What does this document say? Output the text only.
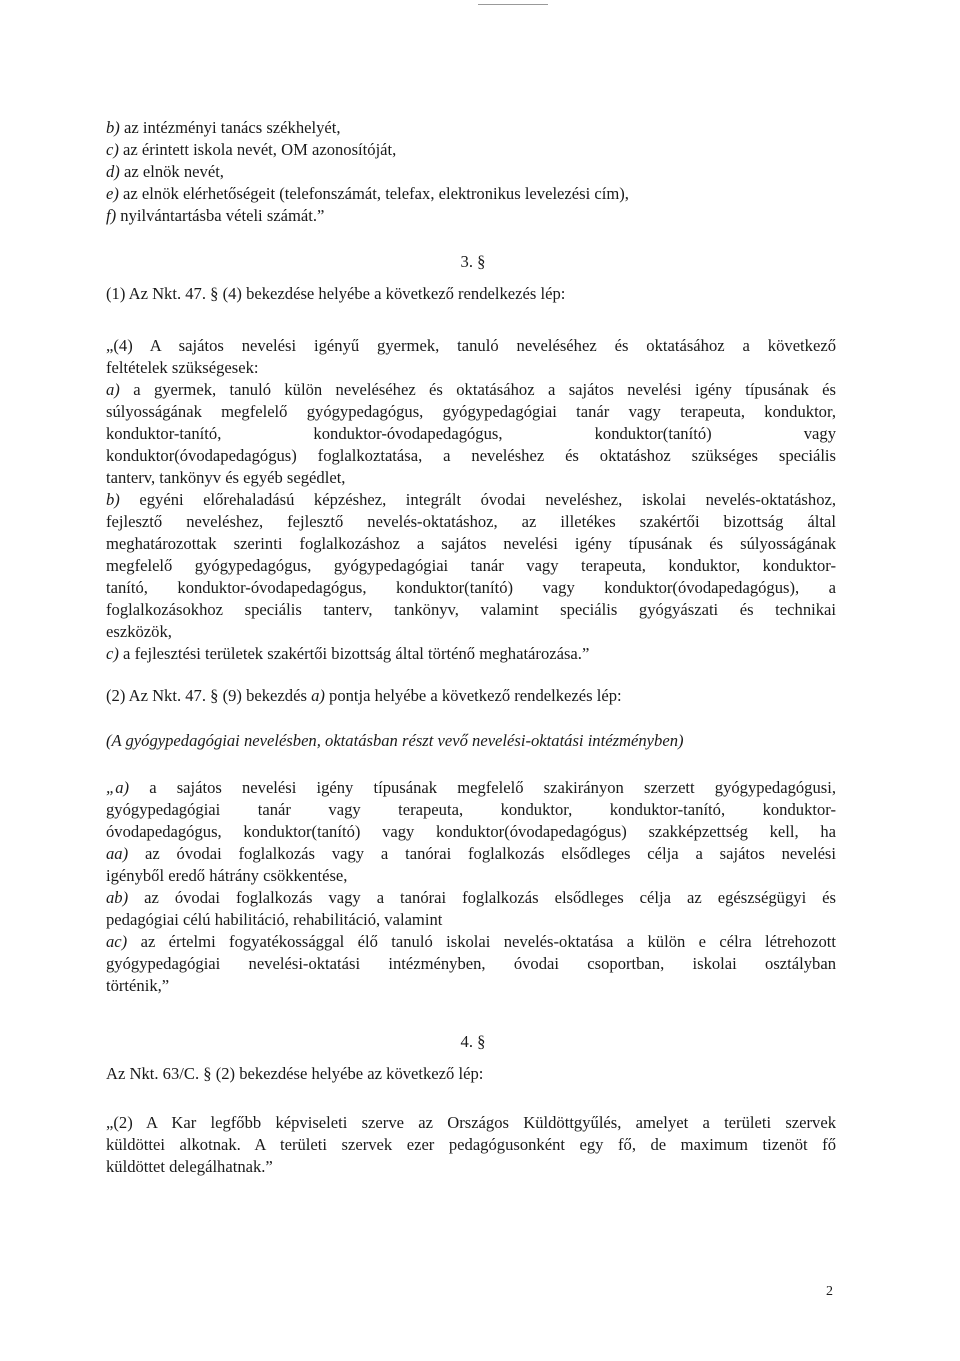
b) az intézményi tanács székhelyét,
c) az érintett iskola nevét, OM azonosítóját,
d) az elnök nevét,
e) az elnök elérhetőségeit (telefonszámát, telefax, elektronikus levelezési cím),
f) nyilvántartásba vételi számát.”
3. §
(1) Az Nkt. 47. § (4) bekezdése helyébe a következő rendelkezés lép:
„(4) A sajátos nevelési igényű gyermek, tanuló neveléséhez és oktatásához a következő
feltételek szükségesek:
a) a gyermek, tanuló külön neveléséhez és oktatásához a sajátos nevelési igény típusának és
súlyosságának megfelelő gyógypedagógus, gyógypedagógiai tanár vagy terapeuta, konduktor,
konduktor-tanító, konduktor-óvodapedagógus, konduktor(tanító) vagy
konduktor(óvodapedagógus) foglalkoztatása, a neveléshez és oktatáshoz szükséges speciális
tanterv, tankönyv és egyéb segédlet,
b) egyéni előrehaladású képzéshez, integrált óvodai neveléshez, iskolai nevelés-oktatáshoz,
fejlesztő neveléshez, fejlesztő nevelés-oktatáshoz, az illetékes szakértői bizottság által
meghatározottak szerinti foglalkozáshoz a sajátos nevelési igény típusának és súlyosságának
megfelelő gyógypedagógus, gyógypedagógiai tanár vagy terapeuta, konduktor, konduktor-
tanító, konduktor-óvodapedagógus, konduktor(tanító) vagy konduktor(óvodapedagógus), a
foglalkozásokhoz speciális tanterv, tankönyv, valamint speciális gyógyászati és technikai
eszközök,
c) a fejlesztési területek szakértői bizottság által történő meghatározása.”
(2) Az Nkt. 47. § (9) bekezdés a) pontja helyébe a következő rendelkezés lép:
(A gyógypedagógiai nevelésben, oktatásban részt vevő nevelési-oktatási intézményben)
„a) a sajátos nevelési igény típusának megfelelő szakirányon szerzett gyógypedagógusi,
gyógypedagógiai tanár vagy terapeuta, konduktor, konduktor-tanító, konduktor-
óvodapedagógus, konduktor(tanító) vagy konduktor(óvodapedagógus) szakképzettség kell, ha
aa) az óvodai foglalkozás vagy a tanórai foglalkozás elsődleges célja a sajátos nevelési
igényből eredő hátrány csökkentése,
ab) az óvodai foglalkozás vagy a tanórai foglalkozás elsődleges célja az egészségügyi és
pedagógiai célú habilitáció, rehabilitáció, valamint
ac) az értelmi fogyatékossággal élő tanuló iskolai nevelés-oktatása a külön e célra létrehozott
gyógypedagógiai nevelési-oktatási intézményben, óvodai csoportban, iskolai osztályban
történik,”
4. §
Az Nkt. 63/C. § (2) bekezdése helyébe az következő lép:
„(2) A Kar legfőbb képviseleti szerve az Országos Küldöttgyűlés, amelyet a területi szervek
küldöttei alkotnak. A területi szervek ezer pedagógusonként egy fő, de maximum tizenöt fő
küldöttet delegálhatnak.”
2
